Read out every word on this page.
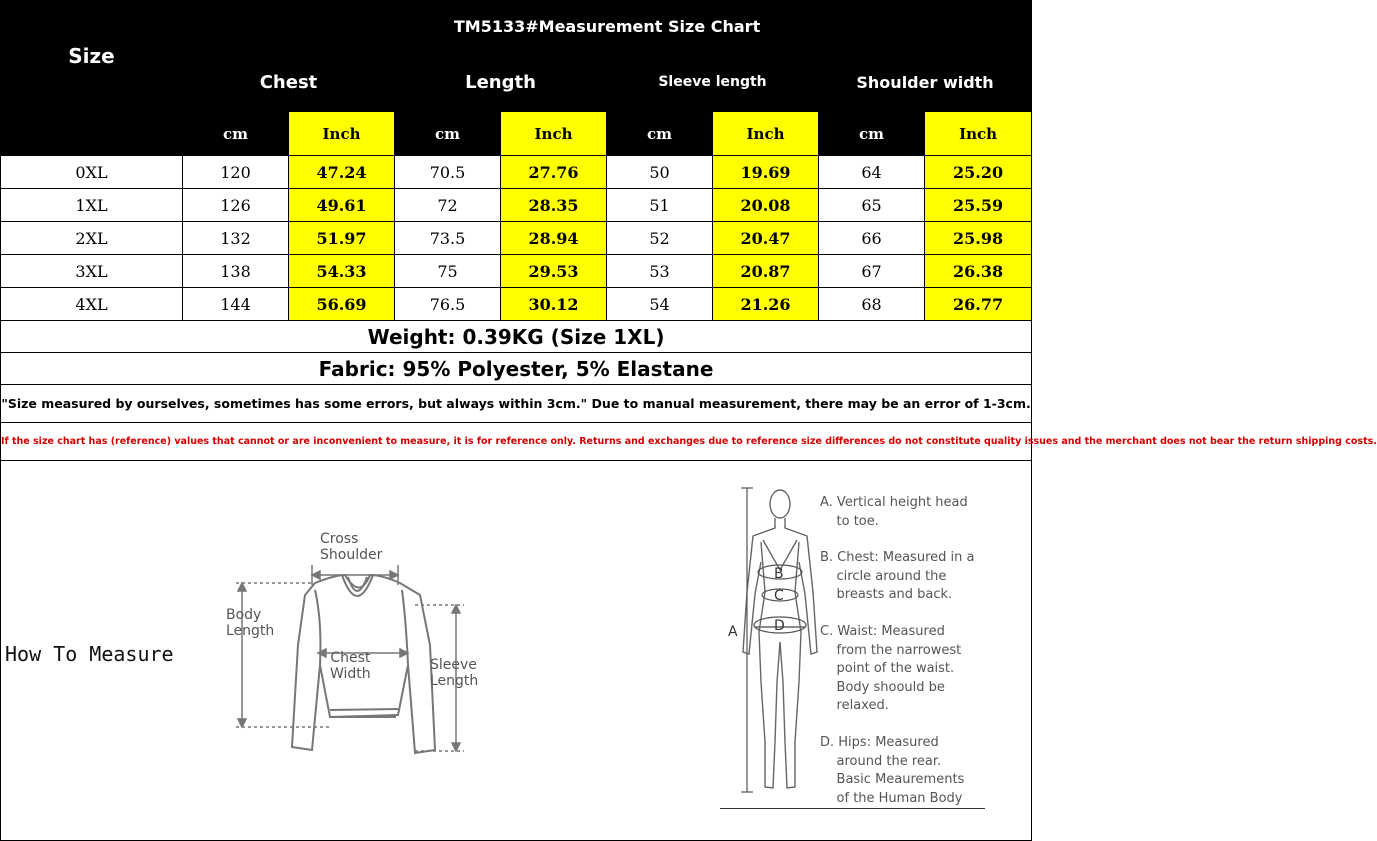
Size	TM5133#Measurement Size Chart							
	Chest		Length		Sleeve length		Shoulder width	
	cm	Inch	cm	Inch	cm	Inch	cm	Inch
0XL	120	47.24	70.5	27.76	50	19.69	64	25.20
1XL	126	49.61	72	28.35	51	20.08	65	25.59
2XL	132	51.97	73.5	28.94	52	20.47	66	25.98
3XL	138	54.33	75	29.53	53	20.87	67	26.38
4XL	144	56.69	76.5	30.12	54	21.26	68	26.77
Weight: 0.39KG (Size 1XL)								
Fabric: 95% Polyester, 5% Elastane								
"Size measured by ourselves, sometimes has some errors, but always within 3cm." Due to manual measurement, there may be an error of 1-3cm.								
If the size chart has (reference) values that cannot or are inconvenient to measure, it is for reference only. Returns and exchanges due to reference size differences do not constitute quality issues and the merchant does not bear the return shipping costs.								
How To Measure
Cross
Shoulder
Body
Length
Chest
Width
Sleeve
Length
B
C
D
A
A. Vertical height head
to toe.
B. Chest: Measured in a
circle around the
breasts and back.
C. Waist: Measured
from the narrowest
point of the waist.
Body shoould be
relaxed.
D. Hips: Measured
around the rear.
Basic Meaurements
of the Human Body
